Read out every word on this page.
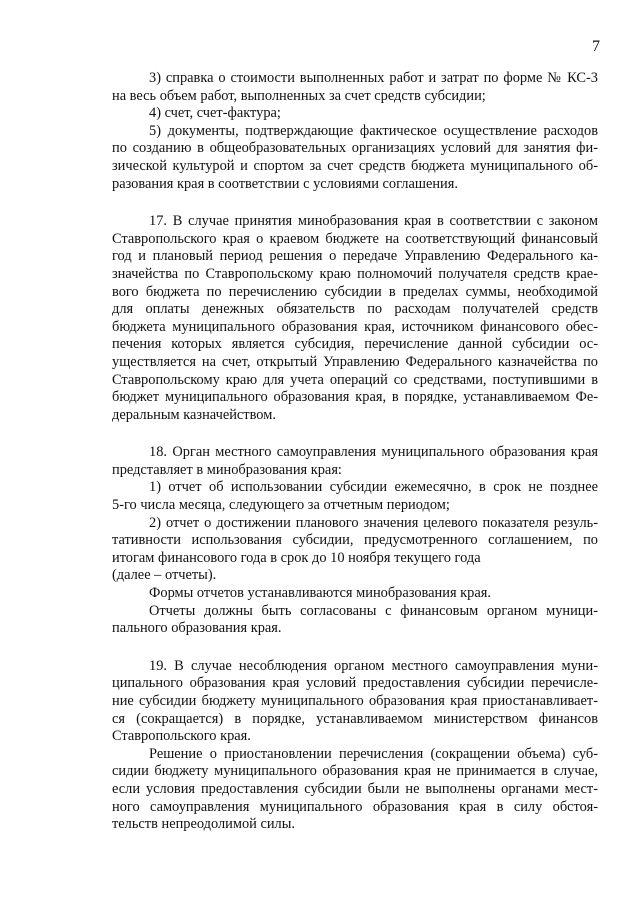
7

3) справка о стоимости выполненных работ и затрат по форме № КС-3
на весь объем работ, выполненных за счет средств субсидии;

4) счет, счет-фактура;

5) документы, подтверждающие фактическое осуществление расходов
по созданию в общеобразовательных организациях условий для занятия фи-
зической культурой и спортом за счет средств бюджета муниципального об-
разования края в соответствии с условиями соглашения.

17. В случае принятия минобразования края в соответствии с законом
Ставропольского края о краевом бюджете на соответствующий финансовый
год и плановый период решения о передаче Управлению Федерального ка-
значейства по Ставропольскому краю полномочий получателя средств крае-
вого бюджета по перечислению субсидии в пределах суммы, необходимой
для оплаты денежных обязательств по расходам получателей средств
бюджета муниципального образования края, источником финансового обес-
печения которых является субсидия, перечисление данной субсидии ос-
уществляется на счет, открытый Управлению Федерального казначейства по
Ставропольскому краю для учета операций со средствами, поступившими в
бюджет муниципального образования края, в порядке, устанавливаемом Фе-
деральным казначейством.

18. Орган местного самоуправления муниципального образования края
представляет в минобразования края:

1) отчет об использовании субсидии ежемесячно, в срок не позднее
5-го числа месяца, следующего за отчетным периодом;

2) отчет о достижении планового значения целевого показателя резуль-
тативности использования субсидии, предусмотренного соглашением, по
итогам финансового года в срок до 10 ноября текущего года
(далее – отчеты).

Формы отчетов устанавливаются минобразования края.

Отчеты должны быть согласованы с финансовым органом муници-
пального образования края.

19. В случае несоблюдения органом местного самоуправления муни-
ципального образования края условий предоставления субсидии перечисле-
ние субсидии бюджету муниципального образования края приостанавливает-
ся (сокращается) в порядке, устанавливаемом министерством финансов
Ставропольского края.

Решение о приостановлении перечисления (сокращении объема) суб-
сидии бюджету муниципального образования края не принимается в случае,
если условия предоставления субсидии были не выполнены органами мест-
ного самоуправления муниципального образования края в силу обстоя-
тельств непреодолимой силы.
